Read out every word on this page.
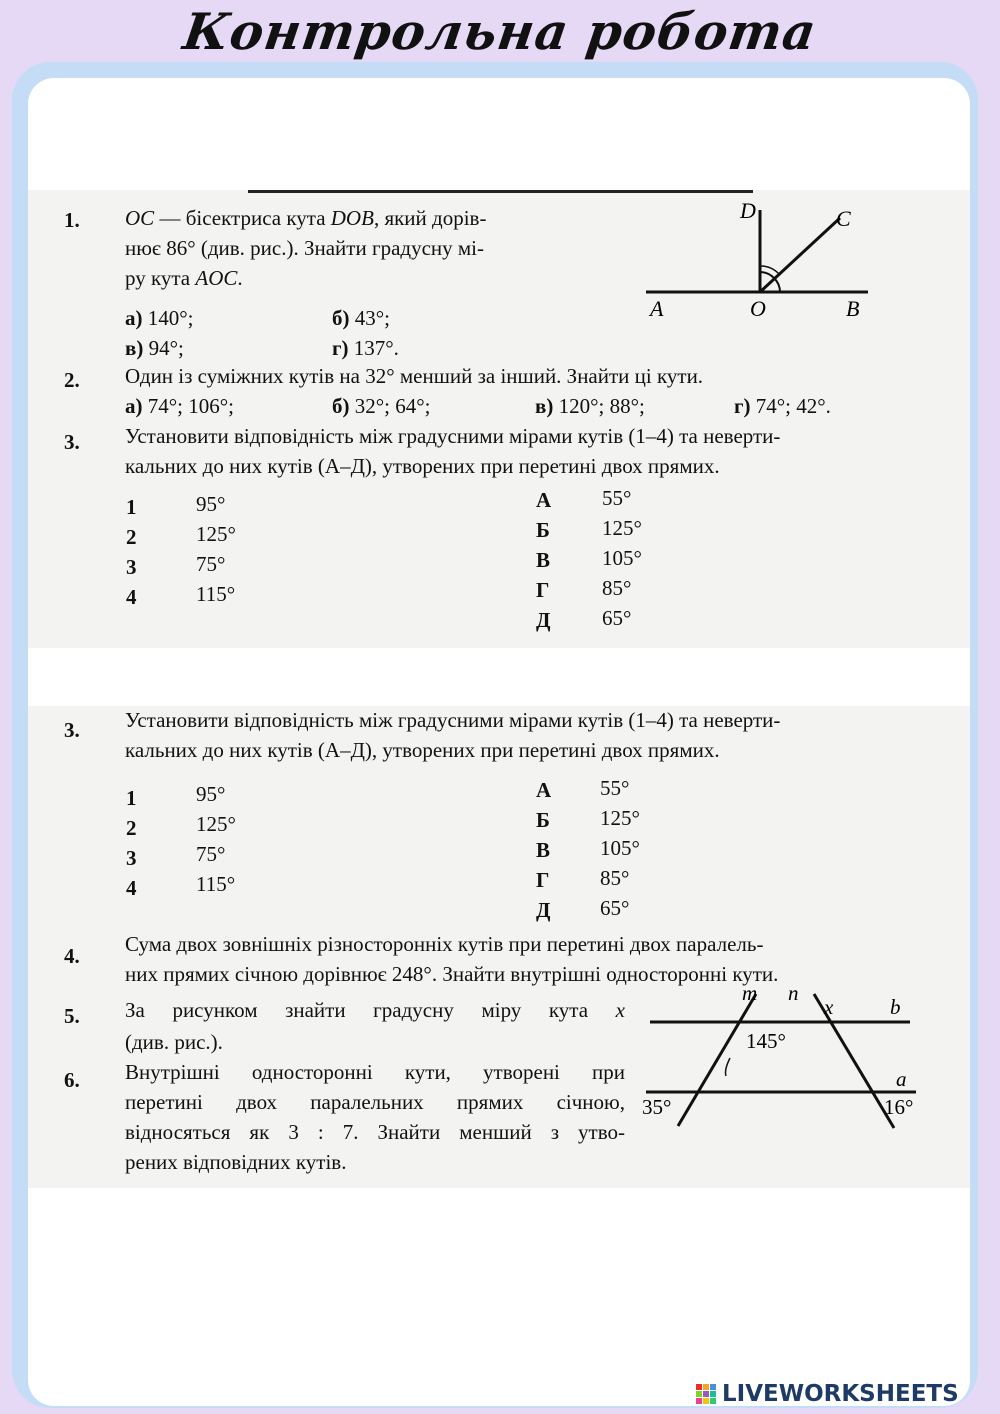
Контрольна робота
1. OC — бісектриса кута DOB, який дорів-
нює 86° (див. рис.). Знайти градусну мі-
ру кута AOC.
а) 140°;	б) 43°;
в) 94°;	г) 137°.
D	C
A	O	B
2. Один із суміжних кутів на 32° менший за інший. Знайти ці кути.
а) 74°; 106°;	б) 32°; 64°;	в) 120°; 88°;	г) 74°; 42°.
3. Установити відповідність між градусними мірами кутів (1–4) та неверти-
кальних до них кутів (А–Д), утворених при перетині двох прямих.
1	95°
2	125°
3	75°
4	115°
А 55°
Б 125°
В 105°
Г	85°
Д 65°
3. Установити відповідність між градусними мірами кутів (1–4) та неверти-
кальних до них кутів (А–Д), утворених при перетині двох прямих.
1	95°
2	125°
3	75°
4	115°
А 55°
Б 125°
В 105°
Г 85°
Д 65°
4. Сума двох зовнішніх різносторонніх кутів при перетині двох паралель-
них прямих січною дорівнює 248°. Знайти внутрішні односторонні кути.
5. За рисунком знайти градусну міру кута x
(див. рис.).
6. Внутрішні односторонні кути, утворені при
перетині двох паралельних прямих січною,
відносяться як 3 : 7. Знайти менший з утво-
рених відповідних кутів.
m n
x	b
a
145°
35°	16°
LIVEWORKSHEETS
